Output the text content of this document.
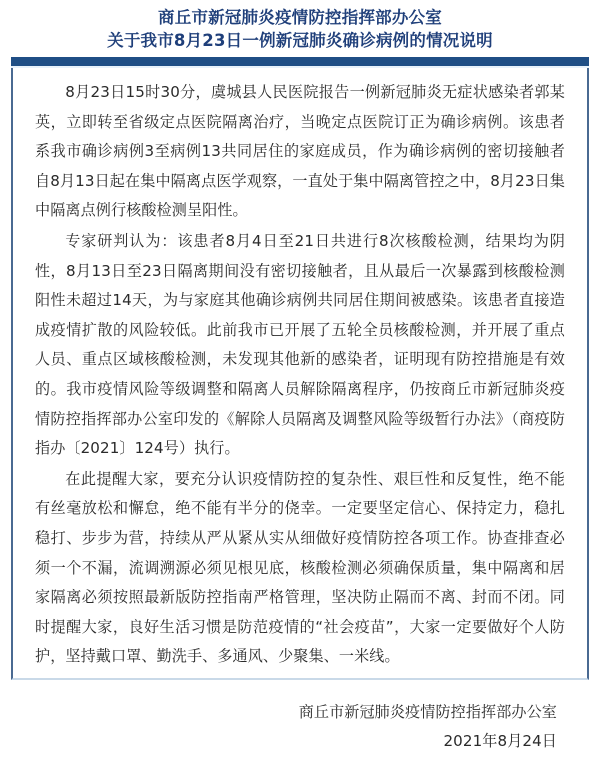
商丘市新冠肺炎疫情防控指挥部办公室
关于我市8月23日一例新冠肺炎确诊病例的情况说明

8月23日15时30分，虞城县人民医院报告一例新冠肺炎无症状感染者郭某英，立即转至省级定点医院隔离治疗，当晚定点医院订正为确诊病例。该患者系我市确诊病例3至病例13共同居住的家庭成员，作为确诊病例的密切接触者自8月13日起在集中隔离点医学观察，一直处于集中隔离管控之中，8月23日集中隔离点例行核酸检测呈阳性。

专家研判认为：该患者8月4日至21日共进行8次核酸检测，结果均为阴性，8月13日至23日隔离期间没有密切接触者，且从最后一次暴露到核酸检测阳性未超过14天，为与家庭其他确诊病例共同居住期间被感染。该患者直接造成疫情扩散的风险较低。此前我市已开展了五轮全员核酸检测，并开展了重点人员、重点区域核酸检测，未发现其他新的感染者，证明现有防控措施是有效的。我市疫情风险等级调整和隔离人员解除隔离程序，仍按商丘市新冠肺炎疫情防控指挥部办公室印发的《解除人员隔离及调整风险等级暂行办法》（商疫防指办〔2021〕124号）执行。

在此提醒大家，要充分认识疫情防控的复杂性、艰巨性和反复性，绝不能有丝毫放松和懈怠，绝不能有半分的侥幸。一定要坚定信心、保持定力，稳扎稳打、步步为营，持续从严从紧从实从细做好疫情防控各项工作。协查排查必须一个不漏，流调溯源必须见根见底，核酸检测必须确保质量，集中隔离和居家隔离必须按照最新版防控指南严格管理，坚决防止隔而不离、封而不闭。同时提醒大家，良好生活习惯是防范疫情的“社会疫苗”，大家一定要做好个人防护，坚持戴口罩、勤洗手、多通风、少聚集、一米线。

商丘市新冠肺炎疫情防控指挥部办公室
2021年8月24日
